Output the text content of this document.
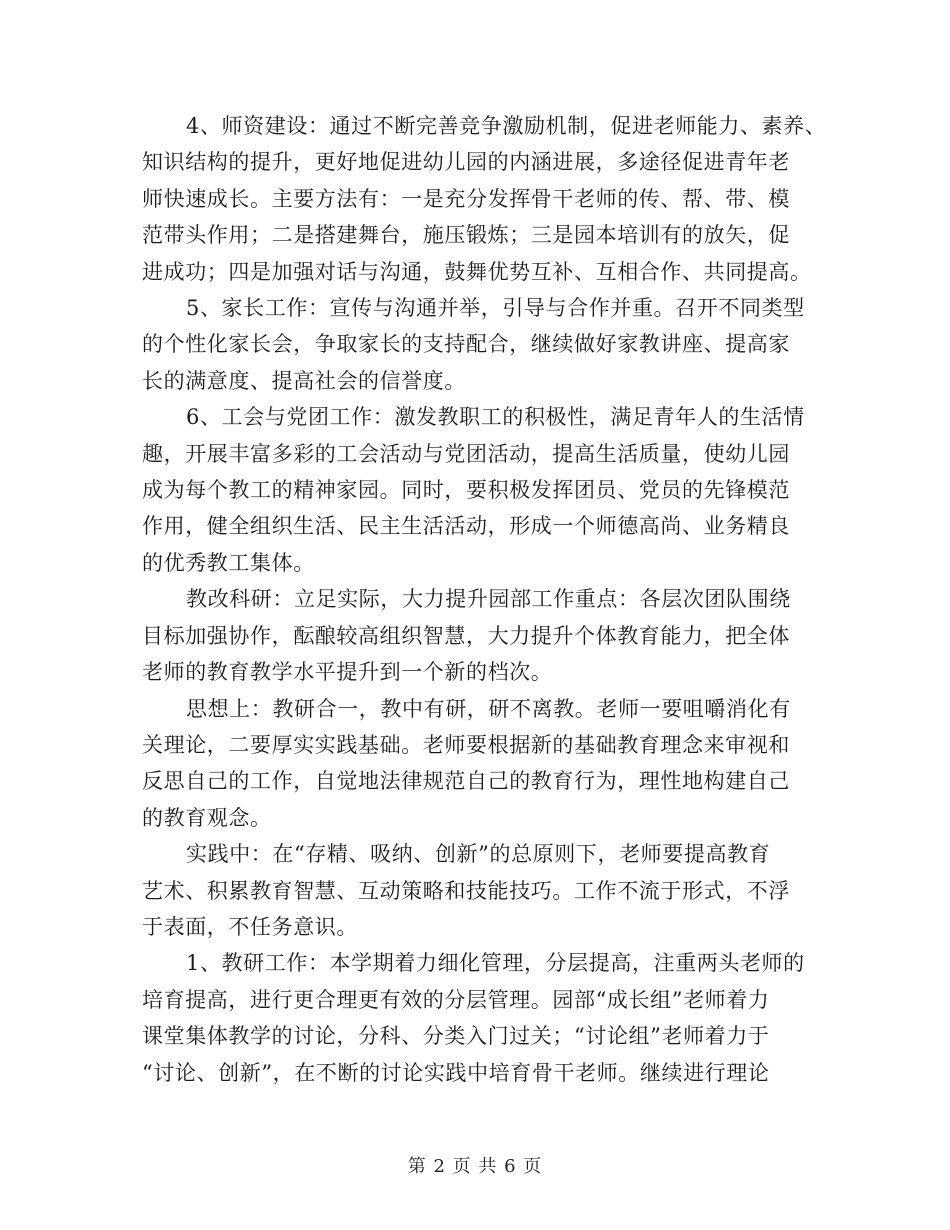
4、师资建设：通过不断完善竞争激励机制，促进老师能力、素养、
知识结构的提升，更好地促进幼儿园的内涵进展，多途径促进青年老
师快速成长。主要方法有：一是充分发挥骨干老师的传、帮、带、模
范带头作用；二是搭建舞台，施压锻炼；三是园本培训有的放矢，促
进成功；四是加强对话与沟通，鼓舞优势互补、互相合作、共同提高。

5、家长工作：宣传与沟通并举，引导与合作并重。召开不同类型
的个性化家长会，争取家长的支持配合，继续做好家教讲座、提高家
长的满意度、提高社会的信誉度。

6、工会与党团工作：激发教职工的积极性，满足青年人的生活情
趣，开展丰富多彩的工会活动与党团活动，提高生活质量，使幼儿园
成为每个教工的精神家园。同时，要积极发挥团员、党员的先锋模范
作用，健全组织生活、民主生活活动，形成一个师德高尚、业务精良
的优秀教工集体。

教改科研：立足实际，大力提升园部工作重点：各层次团队围绕
目标加强协作，酝酿较高组织智慧，大力提升个体教育能力，把全体
老师的教育教学水平提升到一个新的档次。

思想上：教研合一，教中有研，研不离教。老师一要咀嚼消化有
关理论，二要厚实实践基础。老师要根据新的基础教育理念来审视和
反思自己的工作，自觉地法律规范自己的教育行为，理性地构建自己
的教育观念。

实践中：在“存精、吸纳、创新”的总原则下，老师要提高教育
艺术、积累教育智慧、互动策略和技能技巧。工作不流于形式，不浮
于表面，不任务意识。

1、教研工作：本学期着力细化管理，分层提高，注重两头老师的
培育提高，进行更合理更有效的分层管理。园部“成长组”老师着力
课堂集体教学的讨论，分科、分类入门过关；“讨论组”老师着力于
“讨论、创新”，在不断的讨论实践中培育骨干老师。继续进行理论

第 2 页 共 6 页
